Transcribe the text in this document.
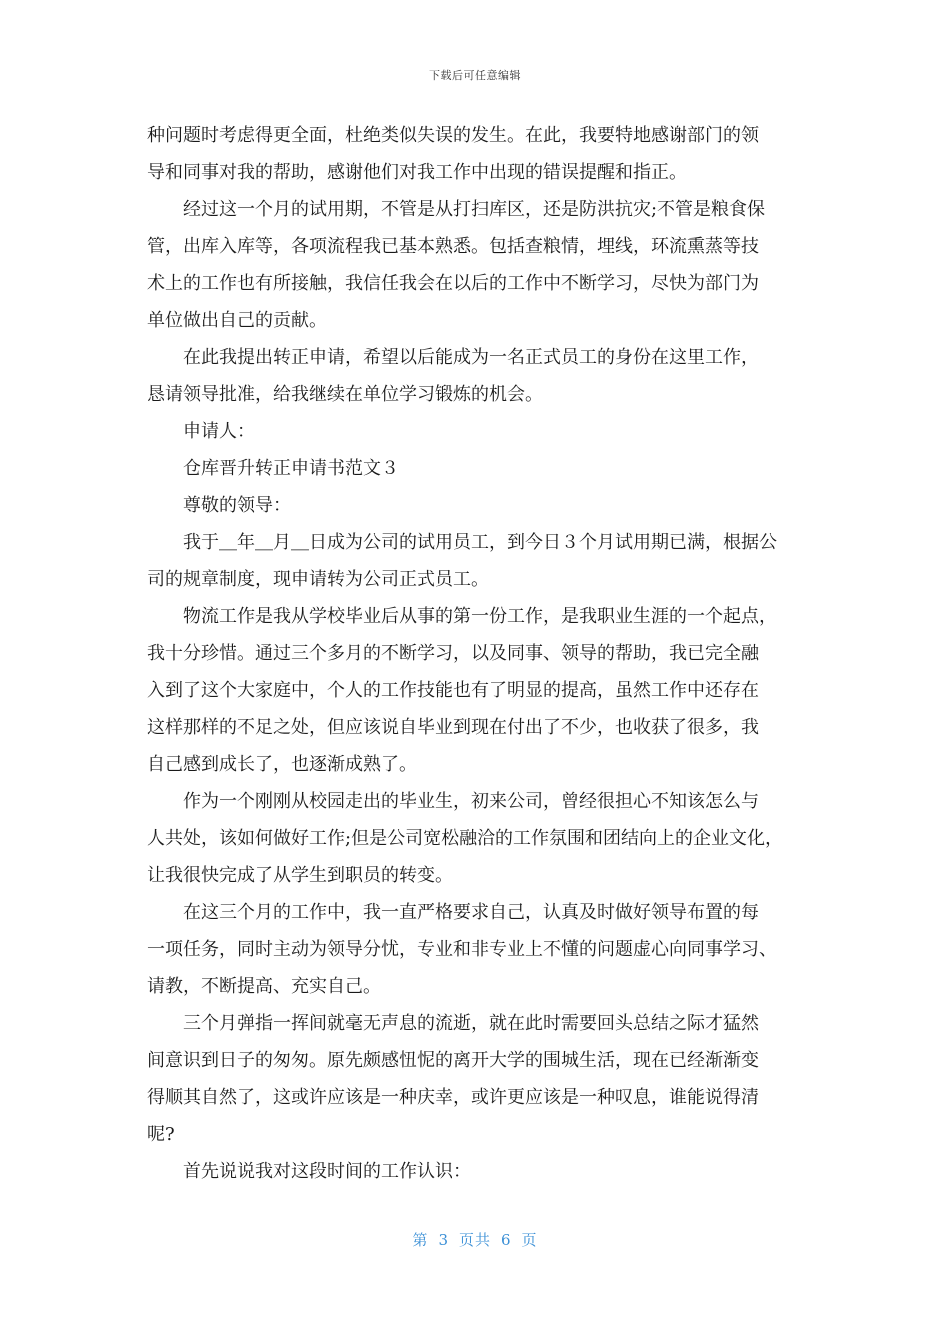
下载后可任意编辑
种问题时考虑得更全面，杜绝类似失误的发生。在此，我要特地感谢部门的领
导和同事对我的帮助，感谢他们对我工作中出现的错误提醒和指正。
经过这一个月的试用期，不管是从打扫库区，还是防洪抗灾;不管是粮食保
管，出库入库等，各项流程我已基本熟悉。包括查粮情，埋线，环流熏蒸等技
术上的工作也有所接触，我信任我会在以后的工作中不断学习，尽快为部门为
单位做出自己的贡献。
在此我提出转正申请，希望以后能成为一名正式员工的身份在这里工作，
恳请领导批准，给我继续在单位学习锻炼的机会。
申请人：
仓库晋升转正申请书范文３
尊敬的领导：
我于＿年＿月＿日成为公司的试用员工，到今日３个月试用期已满，根据公
司的规章制度，现申请转为公司正式员工。
物流工作是我从学校毕业后从事的第一份工作，是我职业生涯的一个起点，
我十分珍惜。通过三个多月的不断学习，以及同事、领导的帮助，我已完全融
入到了这个大家庭中，个人的工作技能也有了明显的提高，虽然工作中还存在
这样那样的不足之处，但应该说自毕业到现在付出了不少，也收获了很多，我
自己感到成长了，也逐渐成熟了。
作为一个刚刚从校园走出的毕业生，初来公司，曾经很担心不知该怎么与
人共处，该如何做好工作;但是公司宽松融洽的工作氛围和团结向上的企业文化，
让我很快完成了从学生到职员的转变。
在这三个月的工作中，我一直严格要求自己，认真及时做好领导布置的每
一项任务，同时主动为领导分忧，专业和非专业上不懂的问题虚心向同事学习、
请教，不断提高、充实自己。
三个月弹指一挥间就毫无声息的流逝，就在此时需要回头总结之际才猛然
间意识到日子的匆匆。原先颇感忸怩的离开大学的围城生活，现在已经渐渐变
得顺其自然了，这或许应该是一种庆幸，或许更应该是一种叹息，谁能说得清
呢?
首先说说我对这段时间的工作认识：
第 3 页共 6 页
